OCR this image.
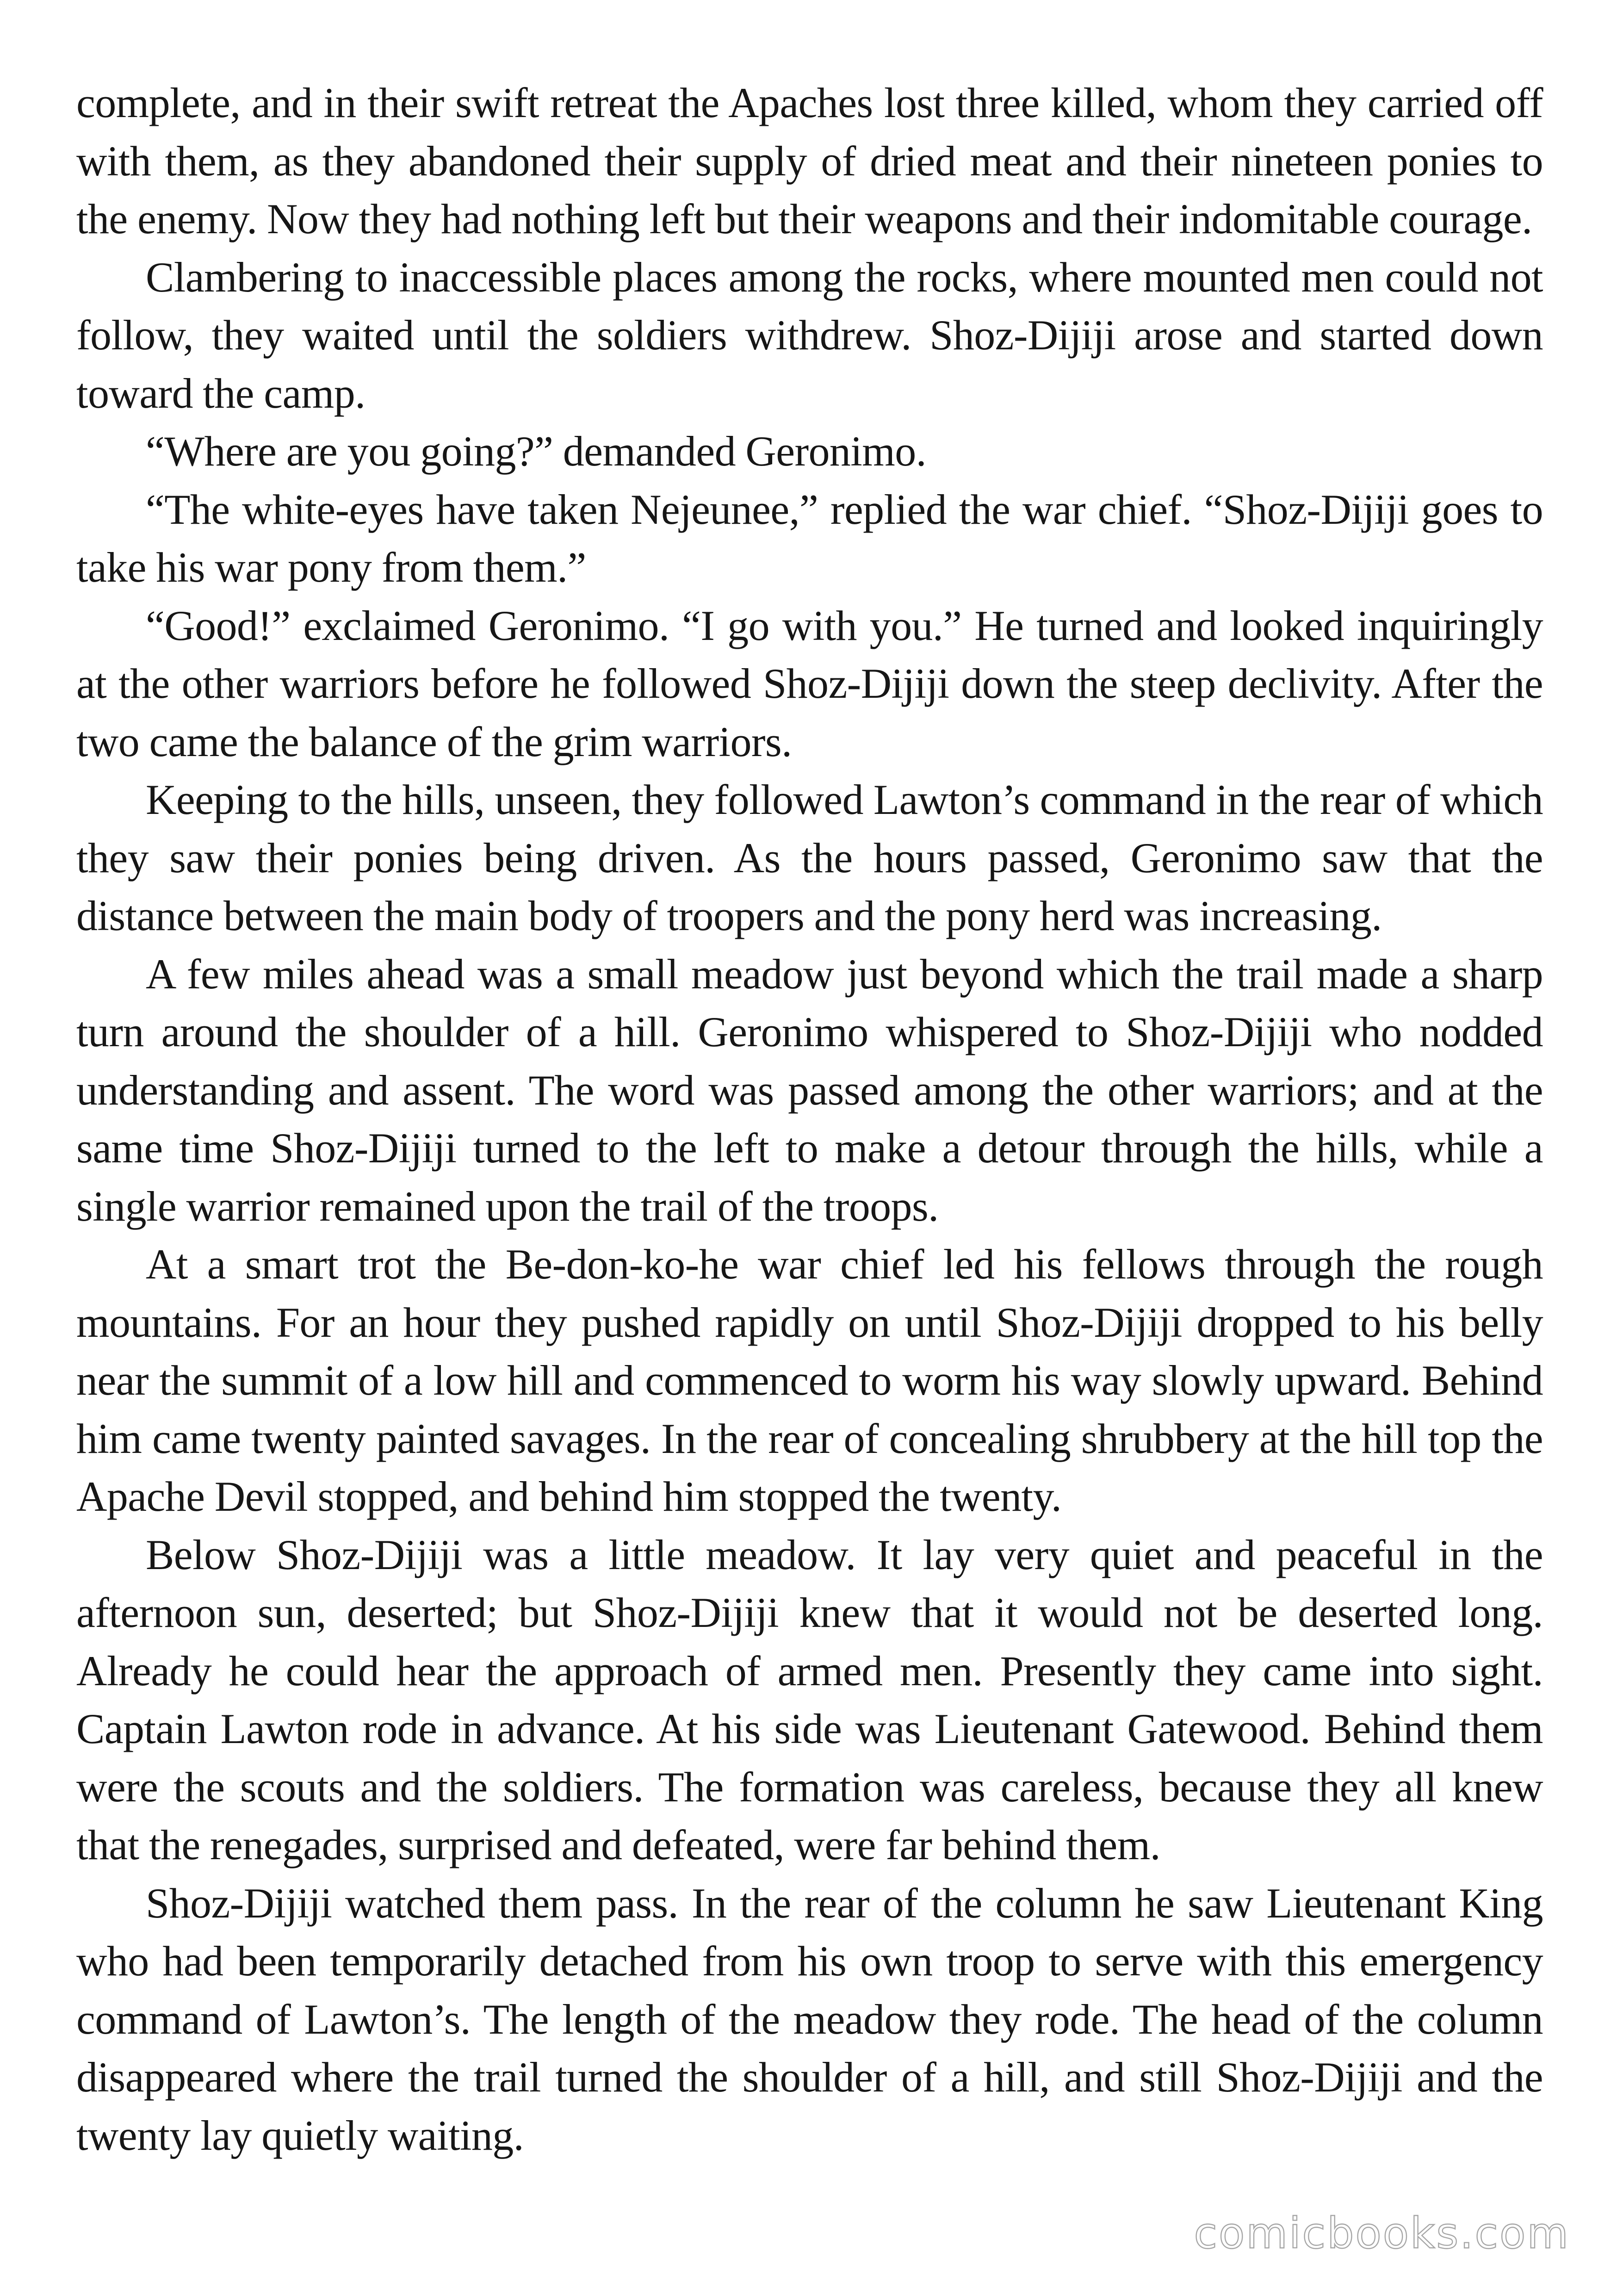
complete, and in their swift retreat the Apaches lost three killed, whom they carried off with them, as they abandoned their supply of dried meat and their nineteen ponies to the enemy. Now they had nothing left but their weapons and their indomitable courage.

Clambering to inaccessible places among the rocks, where mounted men could not follow, they waited until the soldiers withdrew. Shoz-Dijiji arose and started down toward the camp.

“Where are you going?” demanded Geronimo.

“The white-eyes have taken Nejeunee,” replied the war chief. “Shoz-Dijiji goes to take his war pony from them.”

“Good!” exclaimed Geronimo. “I go with you.” He turned and looked inquiringly at the other warriors before he followed Shoz-Dijiji down the steep declivity. After the two came the balance of the grim warriors.

Keeping to the hills, unseen, they followed Lawton’s command in the rear of which they saw their ponies being driven. As the hours passed, Geronimo saw that the distance between the main body of troopers and the pony herd was increasing.

A few miles ahead was a small meadow just beyond which the trail made a sharp turn around the shoulder of a hill. Geronimo whispered to Shoz-Dijiji who nodded understanding and assent. The word was passed among the other warriors; and at the same time Shoz-Dijiji turned to the left to make a detour through the hills, while a single warrior remained upon the trail of the troops.

At a smart trot the Be-don-ko-he war chief led his fellows through the rough mountains. For an hour they pushed rapidly on until Shoz-Dijiji dropped to his belly near the summit of a low hill and commenced to worm his way slowly upward. Behind him came twenty painted savages. In the rear of concealing shrubbery at the hill top the Apache Devil stopped, and behind him stopped the twenty.

Below Shoz-Dijiji was a little meadow. It lay very quiet and peaceful in the afternoon sun, deserted; but Shoz-Dijiji knew that it would not be deserted long. Already he could hear the approach of armed men. Presently they came into sight. Captain Lawton rode in advance. At his side was Lieutenant Gatewood. Behind them were the scouts and the soldiers. The formation was careless, because they all knew that the renegades, surprised and defeated, were far behind them.

Shoz-Dijiji watched them pass. In the rear of the column he saw Lieutenant King who had been temporarily detached from his own troop to serve with this emergency command of Lawton’s. The length of the meadow they rode. The head of the column disappeared where the trail turned the shoulder of a hill, and still Shoz-Dijiji and the twenty lay quietly waiting.

comicbooks.com
